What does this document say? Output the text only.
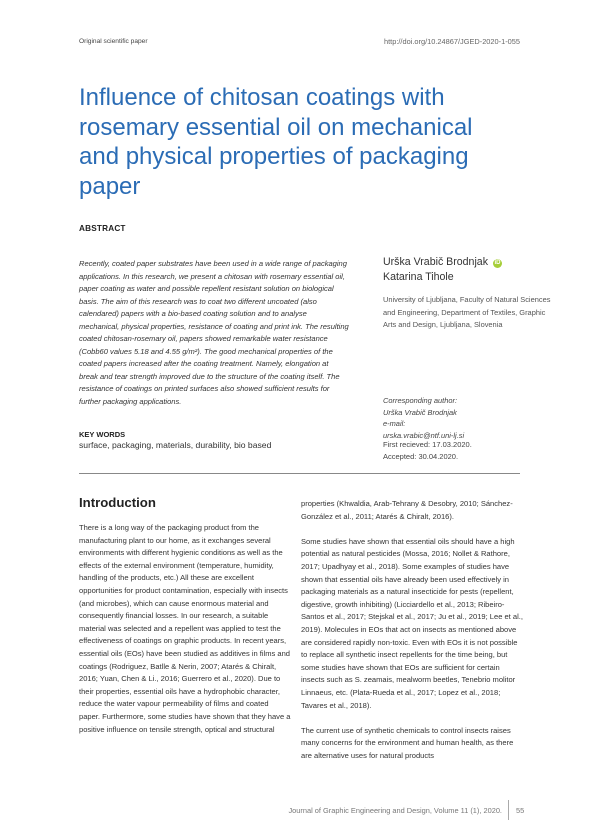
Original scientific paper	http://doi.org/10.24867/JGED-2020-1-055
Influence of chitosan coatings with rosemary essential oil on mechanical and physical properties of packaging paper
ABSTRACT
Recently, coated paper substrates have been used in a wide range of packaging applications. In this research, we present a chitosan with rosemary essential oil, paper coating as water and possible repellent resistant solution on biological basis. The aim of this research was to coat two different uncoated (also calendared) papers with a bio-based coating solution and to analyse mechanical, physical properties, resistance of coating and print ink. The resulting coated chitosan-rosemary oil, papers showed remarkable water resistance (Cobb60 values 5.18 and 4.55 g/m²). The good mechanical properties of the coated papers increased after the coating treatment. Namely, elongation at break and tear strength improved due to the structure of the coating itself. The resistance of coatings on printed surfaces also showed sufficient results for further packaging applications.
KEY WORDS
surface, packaging, materials, durability, bio based
Urška Vrabič Brodnjak iD
Katarina Tihole
University of Ljubljana, Faculty of Natural Sciences and Engineering, Department of Textiles, Graphic Arts and Design, Ljubljana, Slovenia
Corresponding author:
Urška Vrabič Brodnjak
e-mail:
urska.vrabic@ntf.uni-lj.si
First recieved: 17.03.2020.
Accepted: 30.04.2020.
Introduction

There is a long way of the packaging product from the manufacturing plant to our home, as it exchanges several environments with different hygienic conditions as well as the effects of the external environment (temperature, humidity, handling of the products, etc.) All these are excellent opportunities for product contamination, especially with insects (and microbes), which can cause enormous material and consequently financial losses. In our research, a suitable material was selected and a repellent was applied to test the effectiveness of coatings on graphic products. In recent years, essential oils (EOs) have been studied as additives in films and coatings (Rodriguez, Batlle & Nerin, 2007; Atarés & Chiralt, 2016; Yuan, Chen & Li., 2016; Guerrero et al., 2020). Due to their properties, essential oils have a hydrophobic character, reduce the water vapour permeability of films and coated paper. Furthermore, some studies have shown that they have a positive influence on tensile strength, optical and structural

properties (Khwaldia, Arab-Tehrany & Desobry, 2010; Sánchez-González et al., 2011; Atarés & Chiralt, 2016).

Some studies have shown that essential oils should have a high potential as natural pesticides (Mossa, 2016; Nollet & Rathore, 2017; Upadhyay et al., 2018). Some examples of studies have shown that essential oils have already been used effectively in packaging materials as a natural insecticide for pests (repellent, digestive, growth inhibiting) (Licciardello et al., 2013; Ribeiro-Santos et al., 2017; Stejskal et al., 2017; Ju et al., 2019; Lee et al., 2019). Molecules in EOs that act on insects as mentioned above are considered rapidly non-toxic. Even with EOs it is not possible to replace all synthetic insect repellents for the time being, but some studies have shown that EOs are sufficient for certain insects such as S. zeamais, mealworm beetles, Tenebrio molitor Linnaeus, etc. (Plata-Rueda et al., 2017; Lopez et al., 2018; Tavares et al., 2018).

The current use of synthetic chemicals to control insects raises many concerns for the environment and human health, as there are alternative uses for natural products

Journal of Graphic Engineering and Design, Volume 11 (1), 2020. 55
